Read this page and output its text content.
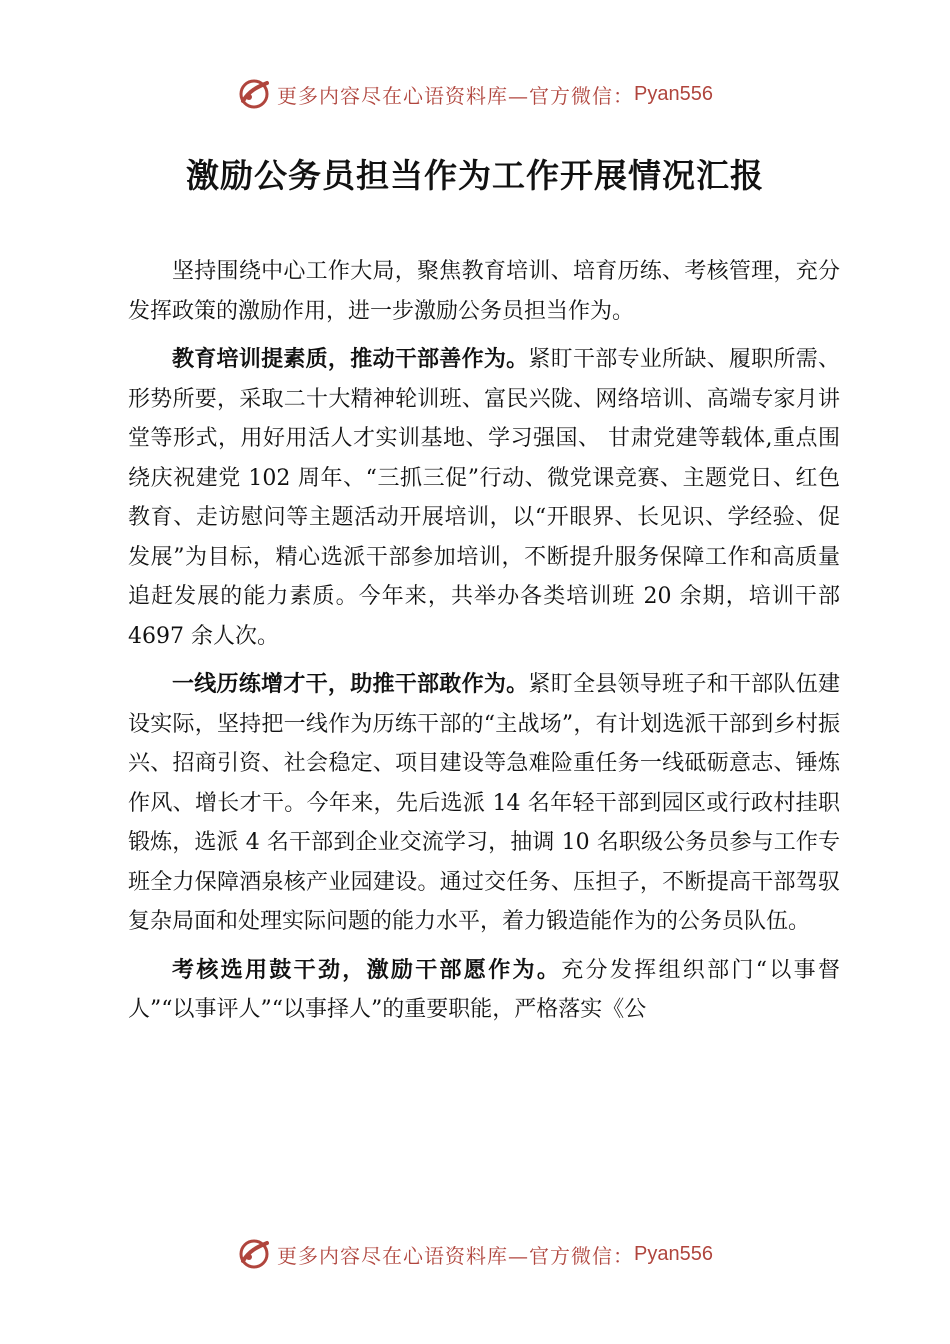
更多内容尽在心语资料库—官方微信： Pyan556
激励公务员担当作为工作开展情况汇报

坚持围绕中心工作大局，聚焦教育培训、培育历练、考核管理，充分发挥政策的激励作用，进一步激励公务员担当作为。

教育培训提素质，推动干部善作为。紧盯干部专业所缺、履职所需、形势所要，采取二十大精神轮训班、富民兴陇、网络培训、高端专家月讲堂等形式，用好用活人才实训基地、学习强国、 甘肃党建等载体,重点围绕庆祝建党 102 周年、“三抓三促”行动、微党课竞赛、主题党日、红色教育、走访慰问等主题活动开展培训，以“开眼界、长见识、学经验、促发展”为目标，精心选派干部参加培训，不断提升服务保障工作和高质量追赶发展的能力素质。今年来，共举办各类培训班 20 余期，培训干部 4697 余人次。

一线历练增才干，助推干部敢作为。紧盯全县领导班子和干部队伍建设实际，坚持把一线作为历练干部的“主战场”，有计划选派干部到乡村振兴、招商引资、社会稳定、项目建设等急难险重任务一线砥砺意志、锤炼作风、增长才干。今年来，先后选派 14 名年轻干部到园区或行政村挂职锻炼，选派 4 名干部到企业交流学习，抽调 10 名职级公务员参与工作专班全力保障酒泉核产业园建设。通过交任务、压担子，不断提高干部驾驭复杂局面和处理实际问题的能力水平，着力锻造能作为的公务员队伍。

考核选用鼓干劲，激励干部愿作为。充分发挥组织部门“以事督人”“以事评人”“以事择人”的重要职能，严格落实《公

更多内容尽在心语资料库—官方微信： Pyan556
